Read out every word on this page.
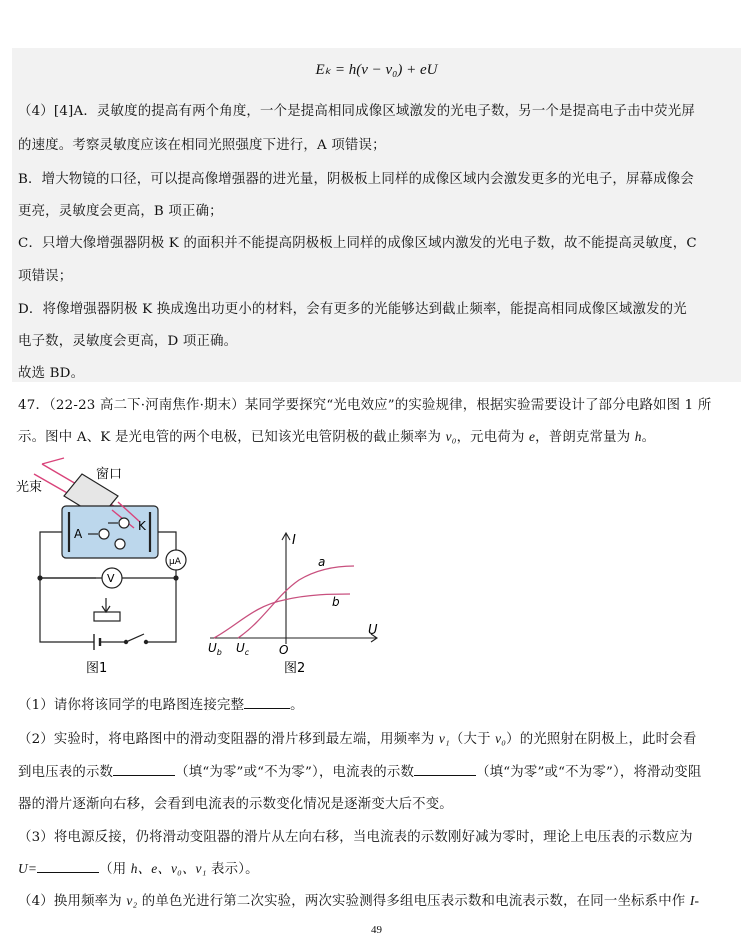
Eₖ = h(ν − ν₀) + eU
（4）[4]A．灵敏度的提高有两个角度，一个是提高相同成像区域激发的光电子数，另一个是提高电子击中荧光屏
的速度。考察灵敏度应该在相同光照强度下进行，A 项错误；
B．增大物镜的口径，可以提高像增强器的进光量，阴极板上同样的成像区域内会激发更多的光电子，屏幕成像会
更亮，灵敏度会更高，B 项正确；
C．只增大像增强器阴极 K 的面积并不能提高阴极板上同样的成像区域内激发的光电子数，故不能提高灵敏度，C
项错误；
D．将像增强器阴极 K 换成逸出功更小的材料，会有更多的光能够达到截止频率，能提高相同成像区域激发的光
电子数，灵敏度会更高，D 项正确。
故选 BD。
47．（22-23 高二下·河南焦作·期末）某同学要探究“光电效应”的实验规律，根据实验需要设计了部分电路如图 1 所
示。图中 A、K 是光电管的两个电极，已知该光电管阴极的截止频率为 ν₀，元电荷为 e，普朗克常量为 h。
光束
窗口
A
K
μA
V
图1
I
U
O
a
b
$U_b$ $U_c$
图2
（1）请你将该同学的电路图连接完整	。
（2）实验时，将电路图中的滑动变阻器的滑片移到最左端，用频率为 ν₁（大于 ν₀）的光照射在阴极上，此时会看
到电压表的示数	（填“为零”或“不为零”），电流表的示数	（填“为零”或“不为零”），将滑动变阻
器的滑片逐渐向右移，会看到电流表的示数变化情况是逐渐变大后不变。
（3）将电源反接，仍将滑动变阻器的滑片从左向右移，当电流表的示数刚好减为零时，理论上电压表的示数应为
U=	（用 h、e、ν₀、ν₁ 表示）。
（4）换用频率为 ν₂ 的单色光进行第二次实验，两次实验测得多组电压表示数和电流表示数，在同一坐标系中作 I-
49
